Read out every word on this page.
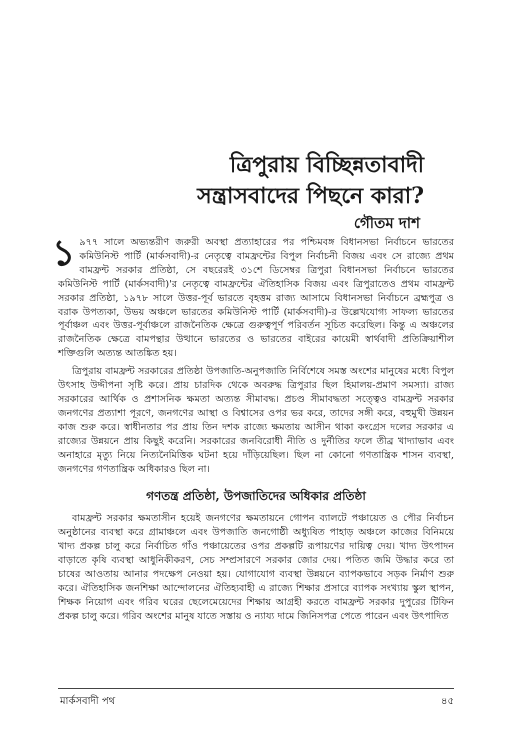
ত্রিপুরায় বিচ্ছিন্নতাবাদী সন্ত্রাসবাদের পিছনে কারা?
গৌতম দাশ

১ ৯৭৭ সালে অভ্যন্তরীণ জরুরী অবস্থা প্রত্যাহারের পর পশ্চিমবঙ্গ বিধানসভা নির্বাচনে ভারতের কমিউনিস্ট পার্টি (মার্কসবাদী)-র নেতৃত্বে বামফ্রন্টের বিপুল নির্বাচনী বিজয় এবং সে রাজ্যে প্রথম বামফ্রন্ট সরকার প্রতিষ্ঠা, সে বছরেরই ৩১শে ডিসেম্বর ত্রিপুরা বিধানসভা নির্বাচনে ভারতের কমিউনিস্ট পার্টি (মার্কসবাদী)'র নেতৃত্বে বামফ্রন্টের ঐতিহাসিক বিজয় এবং ত্রিপুরাতেও প্রথম বামফ্রন্ট সরকার প্রতিষ্ঠা, ১৯৭৮ সালে উত্তর-পূর্ব ভারতে বৃহত্তম রাজ্য আসামে বিধানসভা নির্বাচনে ব্রহ্মপুত্র ও বরাক উপত্যকা, উভয় অঞ্চলে ভারতের কমিউনিস্ট পার্টি (মার্কসবাদী)-র উল্লেখযোগ্য সাফল্য ভারতের পূর্বাঞ্চল এবং উত্তর-পূর্বাঞ্চলে রাজনৈতিক ক্ষেত্রে গুরুত্বপূর্ণ পরিবর্তন সূচিত করেছিল। কিন্তু এ অঞ্চলের রাজনৈতিক ক্ষেত্রে বামপন্থার উত্থানে ভারতের ও ভারতের বাইরের কায়েমী স্বার্থবাদী প্রতিক্রিয়াশীল শক্তিগুলি অত্যন্ত আতঙ্কিত হয়।

ত্রিপুরায় বামফ্রন্ট সরকারের প্রতিষ্ঠা উপজাতি-অনুপজাতি নির্বিশেষে সমস্ত অংশের মানুষের মধ্যে বিপুল উৎসাহ উদ্দীপনা সৃষ্টি করে। প্রায় চারদিক থেকে অবরুদ্ধ ত্রিপুরার ছিল হিমালয়-প্রমাণ সমস্যা। রাজ্য সরকারের আর্থিক ও প্রশাসনিক ক্ষমতা অত্যন্ত সীমাবদ্ধ। প্রচণ্ড সীমাবদ্ধতা সত্ত্বেও বামফ্রন্ট সরকার জনগণের প্রত্যাশা পূরণে, জনগণের আস্থা ও বিশ্বাসের ওপর ভর করে, তাদের সঙ্গী করে, বহুমুখী উন্নয়ন কাজ শুরু করে। স্বাধীনতার পর প্রায় তিন দশক রাজ্যে ক্ষমতায় আসীন থাকা কংগ্রেস দলের সরকার এ রাজ্যের উন্নয়নে প্রায় কিছুই করেনি। সরকারের জনবিরোধী নীতি ও দুর্নীতির ফলে তীব্র খাদ্যাভাব এবং অনাহারে মৃত্যু নিয়ে নিত্যনৈমিত্তিক ঘটনা হয়ে দাঁড়িয়েছিল। ছিল না কোনো গণতান্ত্রিক শাসন ব্যবস্থা, জনগণের গণতান্ত্রিক অধিকারও ছিল না।

গণতন্ত্র প্রতিষ্ঠা, উপজাতিদের অধিকার প্রতিষ্ঠা

বামফ্রন্ট সরকার ক্ষমতাসীন হয়েই জনগণের ক্ষমতায়নে গোপন ব্যালটে পঞ্চায়েত ও পৌর নির্বাচন অনুষ্ঠানের ব্যবস্থা করে গ্রামাঞ্চলে এবং উপজাতি জনগোষ্ঠী অধ্যুষিত পাহাড় অঞ্চলে কাজের বিনিময়ে খাদ্য প্রকল্প চালু করে নির্বাচিত গাঁও পঞ্চায়েতের ওপর প্রকল্পটি রূপায়ণের দায়িত্ব দেয়। খাদ্য উৎপাদন বাড়াতে কৃষি ব্যবস্থা আধুনিকীকরণ, সেচ সম্প্রসারণে সরকার জোর দেয়। পতিত জমি উদ্ধার করে তা চাষের আওতায় আনার পদক্ষেপ নেওয়া হয়। যোগাযোগ ব্যবস্থা উন্নয়নে ব্যাপকভাবে সড়ক নির্মাণ শুরু করে। ঐতিহাসিক জনশিক্ষা আন্দোলনের ঐতিহ্যবাহী এ রাজ্যে শিক্ষার প্রসারে ব্যাপক সংখ্যায় স্কুল স্থাপন, শিক্ষক নিয়োগ এবং গরিব ঘরের ছেলেমেয়েদের শিক্ষায় আগ্রহী করতে বামফ্রন্ট সরকার দুপুরের টিফিন প্রকল্প চালু করে। গরিব অংশের মানুষ যাতে সস্তায় ও ন্যায্য দামে জিনিসপত্র পেতে পারেন এবং উৎপাদিত

মার্কসবাদী পথ	৪৫
